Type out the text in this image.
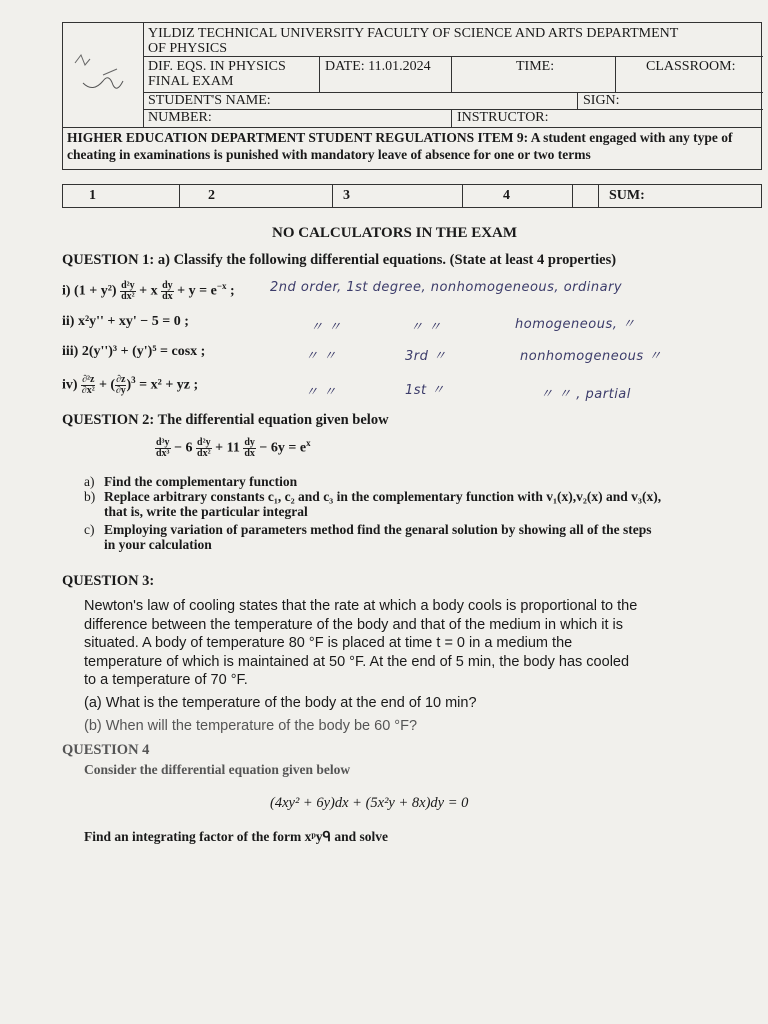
YILDIZ TECHNICAL UNIVERSITY FACULTY OF SCIENCE AND ARTS DEPARTMENT
OF PHYSICS
DIF. EQS. IN PHYSICS
FINAL EXAM
DATE: 11.01.2024	TIME:	CLASSROOM:
STUDENT'S NAME:	SIGN:
NUMBER:	INSTRUCTOR:
HIGHER EDUCATION DEPARTMENT STUDENT REGULATIONS ITEM 9: A student engaged with any type of cheating in examinations is punished with mandatory leave of absence for one or two terms
1	2	3	4	SUM:
NO CALCULATORS IN THE EXAM
QUESTION 1: a) Classify the following differential equations. (State at least 4 properties)
i) $(1 + y^2) \frac{\text{d²y}}{\text{dx²}} + x \frac{dy}{dx} + y = e^{-x}$ ;	2nd order, 1st degree, nonhomogeneous, ordinary
ii) x²y'' + xy' − 5 = 0 ;	〃 〃	〃 〃	homogeneous, 〃
iii) 2(y'')³ + (y')⁵ = cosx ;	〃 〃	3rd 〃	nonhomogeneous 〃
$iv) \frac{\text{∂²z}}{\text{∂x²}}$ + ( $\frac{\partial z}{\partial y} )^3 = x^2$ + yz ;	〃 〃	1st 〃	〃 〃 , partial
QUESTION 2: The differential equation given below
$\frac{\text{d³y}}{\text{dx³}} - 6 \frac{\text{d²y}}{\text{dx²}} + 11 \frac{dy}{dx} - 6y = e^x$
a) Find the complementary function
b) Replace arbitrary constants c₁, c₂ and c₃ in the complementary function with v₁(x),v₂(x) and v₃(x),
that is, write the particular integral
c) Employing variation of parameters method find the genaral solution by showing all of the steps
in your calculation
QUESTION 3:
Newton's law of cooling states that the rate at which a body cools is proportional to the difference between the temperature of the body and that of the medium in which it is situated. A body of temperature 80 °F is placed at time t = 0 in a medium the temperature of which is maintained at 50 °F. At the end of 5 min, the body has cooled to a temperature of 70 °F.
(a) What is the temperature of the body at the end of 10 min?
(b) When will the temperature of the body be 60 °F?
QUESTION 4
Consider the differential equation given below
(4xy² + 6y)dx + (5x²y + 8x)dy = 0
Find an integrating factor of the form xᵖyᑫ and solve
